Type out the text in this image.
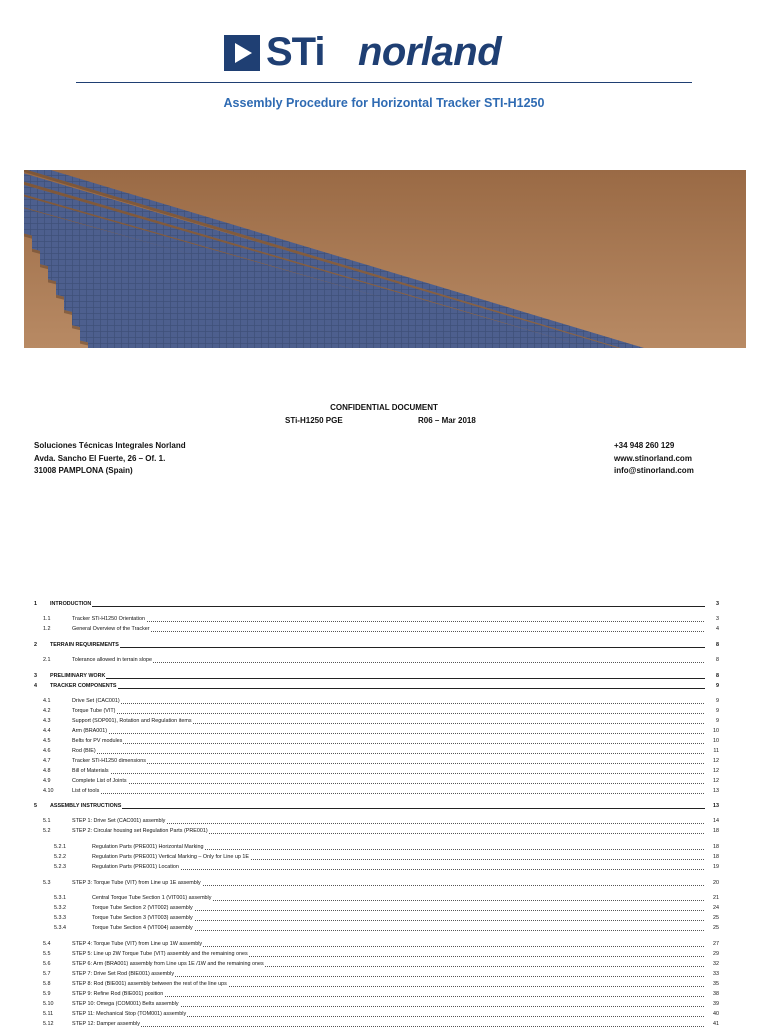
STi norland
Assembly Procedure for Horizontal Tracker STI-H1250
CONFIDENTIAL DOCUMENT
STi-H1250 PGE	R06 – Mar 2018
Soluciones Técnicas Integrales Norland
Avda. Sancho El Fuerte, 26 – Of. 1.
31008 PAMPLONA (Spain)
+34 948 260 129
www.stinorland.com
info@stinorland.com
1 INTRODUCTION	3
1.1	Tracker STi-H1250 Orientation	3
1.2	General Overview of the Tracker	4
2 TERRAIN REQUIREMENTS	8
2.1	Tolerance allowed in terrain slope	8
3 PRELIMINARY WORK	8
4 TRACKER COMPONENTS	9
4.1	Drive Set (CAC001)	9
4.2	Torque Tube (VIT)	9
4.3	Support (SOP001), Rotation and Regulation items	9
4.4	Arm (BRA001)	10
4.5	Belts for PV modules	10
4.6	Rod (BIE)	11
4.7	Tracker STi-H1250 dimensions	12
4.8	Bill of Materials	12
4.9	Complete List of Joints	12
4.10	List of tools	13
5 ASSEMBLY INSTRUCTIONS	13
5.1	STEP 1: Drive Set (CAC001) assembly	14
5.2	STEP 2: Circular housing set Regulation Parts (PRE001)	18
5.2.1	Regulation Parts (PRE001) Horizontal Marking	18
5.2.2	Regulation Parts (PRE001) Vertical Marking – Only for Line up 1E	18
5.2.3	Regulation Parts (PRE001) Location	19
5.3	STEP 3: Torque Tube (VIT) from Line up 1E assembly	20
5.3.1	Central Torque Tube Section 1 (VIT001) assembly	21
5.3.2	Torque Tube Section 2 (VIT002) assembly	24
5.3.3	Torque Tube Section 3 (VIT003) assembly	25
5.3.4	Torque Tube Section 4 (VIT004) assembly	25
5.4	STEP 4: Torque Tube (VIT) from Line up 1W assembly	27
5.5	STEP 5: Line up 2W Torque Tube (VIT) assembly and the remaining ones	29
5.6	STEP 6: Arm (BRA001) assembly from Line ups 1E /1W and the remaining ones	32
5.7	STEP 7: Drive Set Rod (BIE001) assembly	33
5.8	STEP 8: Rod (BIE001) assembly between the rest of the line ups	35
5.9	STEP 9: Refine Rod (BIE001) position	38
5.10	STEP 10: Omega (COM001) Belts assembly	39
5.11	STEP 11: Mechanical Stop (TOM001) assembly	40
5.12	STEP 12: Damper assembly	41
